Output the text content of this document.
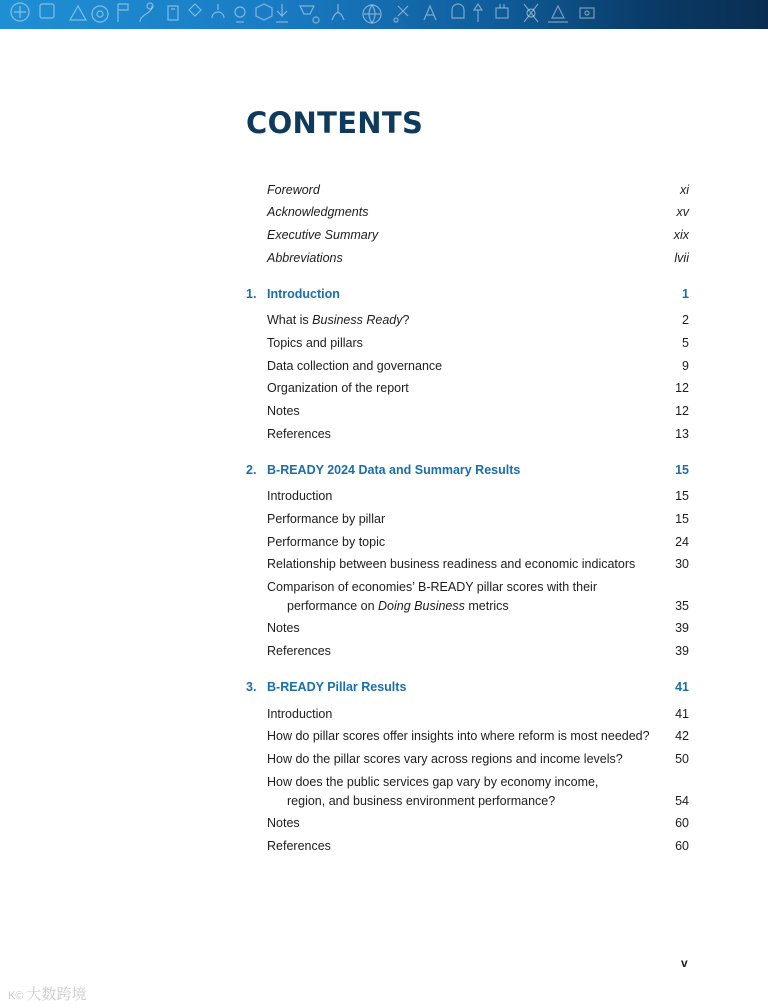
CONTENTS
Foreword	xi
Acknowledgments	xv
Executive Summary	xix
Abbreviations	lvii
1. Introduction	1
What is Business Ready?	2
Topics and pillars	5
Data collection and governance	9
Organization of the report	12
Notes	12
References	13
2. B-READY 2024 Data and Summary Results	15
Introduction	15
Performance by pillar	15
Performance by topic	24
Relationship between business readiness and economic indicators	30
Comparison of economies’ B-READY pillar scores with their
performance on Doing Business metrics	35
Notes	39
References	39
3. B-READY Pillar Results	41
Introduction	41
How do pillar scores offer insights into where reform is most needed? 42
How do the pillar scores vary across regions and income levels?	50
How does the public services gap vary by economy income,
region, and business environment performance?	54
Notes	60
References	60
v
K© 大数跨境
